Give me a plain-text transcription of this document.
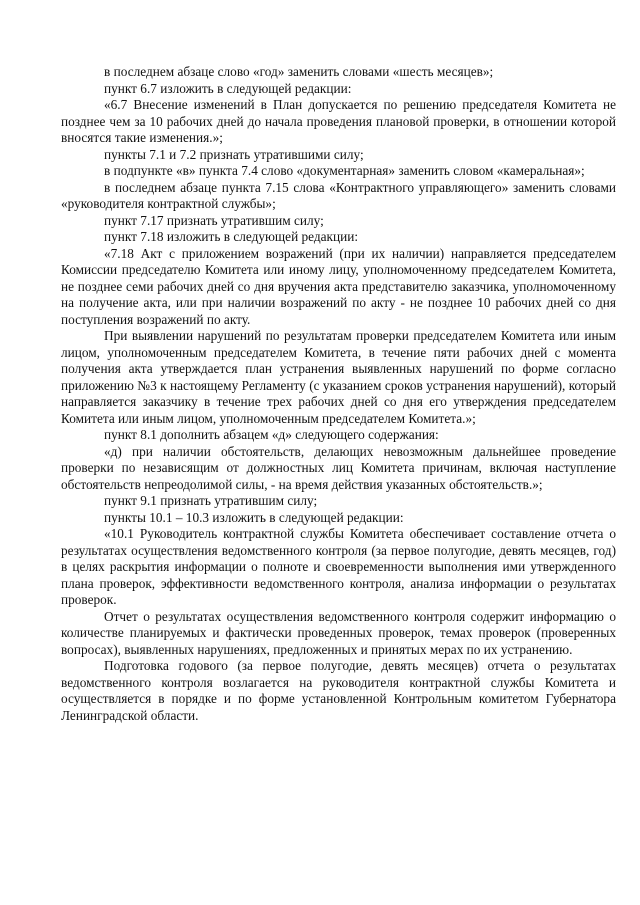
в последнем абзаце слово «год» заменить словами «шесть месяцев»;

пункт 6.7 изложить в следующей редакции:

«6.7 Внесение изменений в План допускается по решению председателя Комитета не позднее чем за 10 рабочих дней до начала проведения плановой проверки, в отношении которой вносятся такие изменения.»;

пункты 7.1 и 7.2 признать утратившими силу;

в подпункте «в» пункта 7.4 слово «документарная» заменить словом «камеральная»;

в последнем абзаце пункта 7.15 слова «Контрактного управляющего» заменить словами «руководителя контрактной службы»;

пункт 7.17 признать утратившим силу;

пункт 7.18 изложить в следующей редакции:

«7.18 Акт с приложением возражений (при их наличии) направляется председателем Комиссии председателю Комитета или иному лицу, уполномоченному председателем Комитета, не позднее семи рабочих дней со дня вручения акта представителю заказчика, уполномоченному на получение акта, или при наличии возражений по акту - не позднее 10 рабочих дней со дня поступления возражений по акту.

При выявлении нарушений по результатам проверки председателем Комитета или иным лицом, уполномоченным председателем Комитета, в течение пяти рабочих дней с момента получения акта утверждается план устранения выявленных нарушений по форме согласно приложению №3 к настоящему Регламенту (с указанием сроков устранения нарушений), который направляется заказчику в течение трех рабочих дней со дня его утверждения председателем Комитета или иным лицом, уполномоченным председателем Комитета.»;

пункт 8.1 дополнить абзацем «д» следующего содержания:

«д) при наличии обстоятельств, делающих невозможным дальнейшее проведение проверки по независящим от должностных лиц Комитета причинам, включая наступление обстоятельств непреодолимой силы, - на время действия указанных обстоятельств.»;

пункт 9.1 признать утратившим силу;

пункты 10.1 – 10.3 изложить в следующей редакции:

«10.1 Руководитель контрактной службы Комитета обеспечивает составление отчета о результатах осуществления ведомственного контроля (за первое полугодие, девять месяцев, год) в целях раскрытия информации о полноте и своевременности выполнения ими утвержденного плана проверок, эффективности ведомственного контроля, анализа информации о результатах проверок.

Отчет о результатах осуществления ведомственного контроля содержит информацию о количестве планируемых и фактически проведенных проверок, темах проверок (проверенных вопросах), выявленных нарушениях, предложенных и принятых мерах по их устранению.

Подготовка годового (за первое полугодие, девять месяцев) отчета о результатах ведомственного контроля возлагается на руководителя контрактной службы Комитета и осуществляется в порядке и по форме установленной Контрольным комитетом Губернатора Ленинградской области.
